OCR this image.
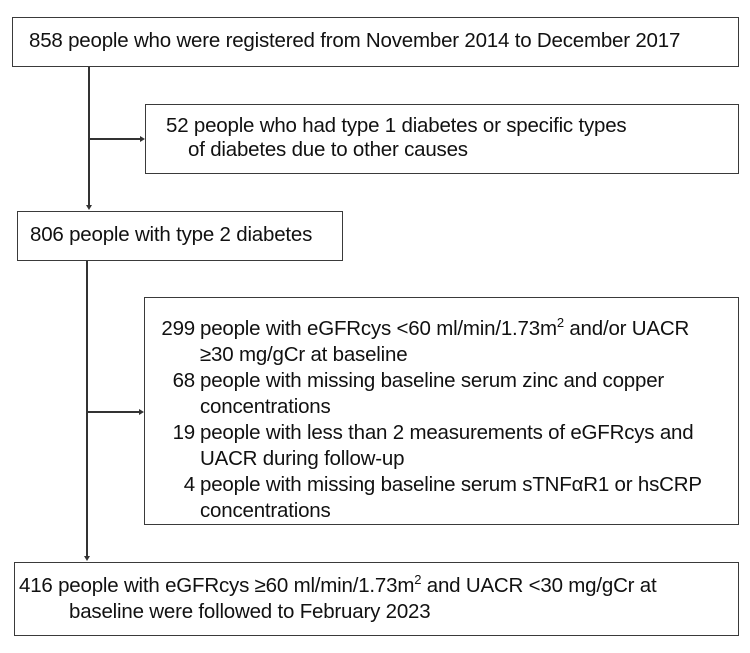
858 people who were registered from November 2014 to December 2017
52 people who had type 1 diabetes or specific types
of diabetes due to other causes
806 people with type 2 diabetes
299 people with eGFRcys <60 $ml/\min/1.73m^2$ and/or UACR
≥30 mg/gCr at baseline
68 people with missing baseline serum zinc and copper
concentrations
19 people with less than 2 measurements of eGFRcys and
UACR during follow-up
4 people with missing baseline serum sTNFαR1 or hsCRP
concentrations
416 people with eGFRcys ≥60 $ml/\min/1.73m^2$ and UACR <30 mg/gCr at
baseline were followed to February 2023
